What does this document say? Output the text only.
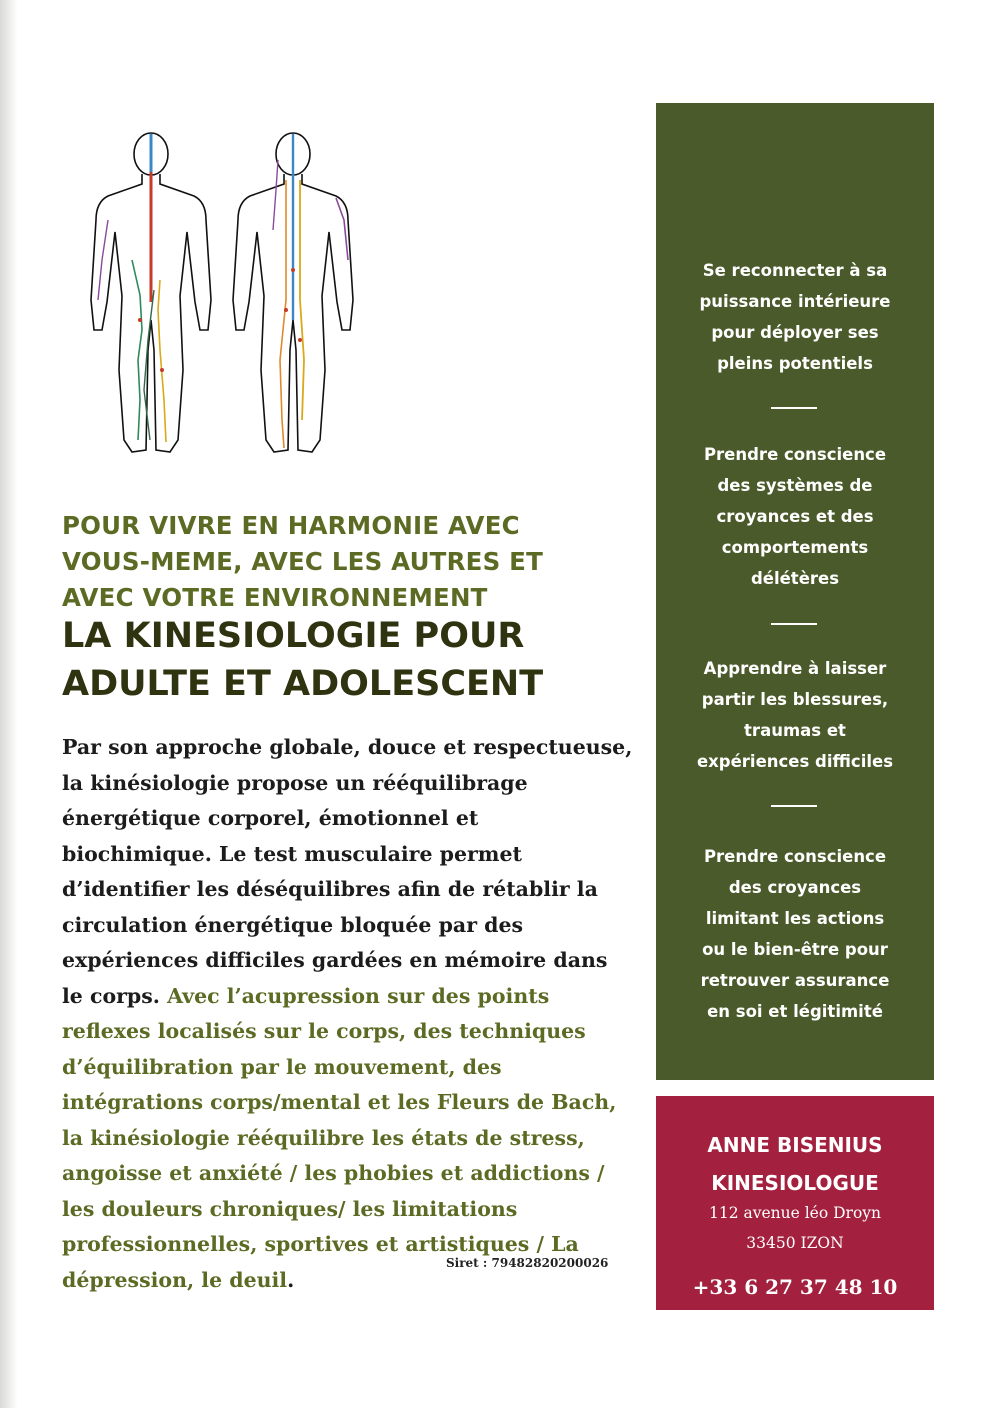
POUR VIVRE EN HARMONIE AVEC
VOUS-MEME, AVEC LES AUTRES ET
AVEC VOTRE ENVIRONNEMENT
LA KINESIOLOGIE POUR
ADULTE ET ADOLESCENT
Par son approche globale, douce et respectueuse,
la kinésiologie propose un rééquilibrage
énergétique corporel, émotionnel et
biochimique. Le test musculaire permet
d’identifier les déséquilibres afin de rétablir la
circulation énergétique bloquée par des
expériences difficiles gardées en mémoire dans
le corps. Avec l’acupression sur des points
reflexes localisés sur le corps, des techniques
d’équilibration par le mouvement, des
intégrations corps/mental et les Fleurs de Bach,
la kinésiologie rééquilibre les états de stress,
angoisse et anxiété / les phobies et addictions /
les douleurs chroniques/ les limitations
professionnelles, sportives et artistiques / La
dépression, le deuil.
Siret : 79482820200026
Se reconnecter à sa
puissance intérieure
pour déployer ses
pleins potentiels
Prendre conscience
des systèmes de
croyances et des
comportements
délétères
Apprendre à laisser
partir les blessures,
traumas et
expériences difficiles
Prendre conscience
des croyances
limitant les actions
ou le bien-être pour
retrouver assurance
en soi et légitimité
ANNE BISENIUS
KINESIOLOGUE
112 avenue léo Droyn
33450 IZON
+33 6 27 37 48 10
